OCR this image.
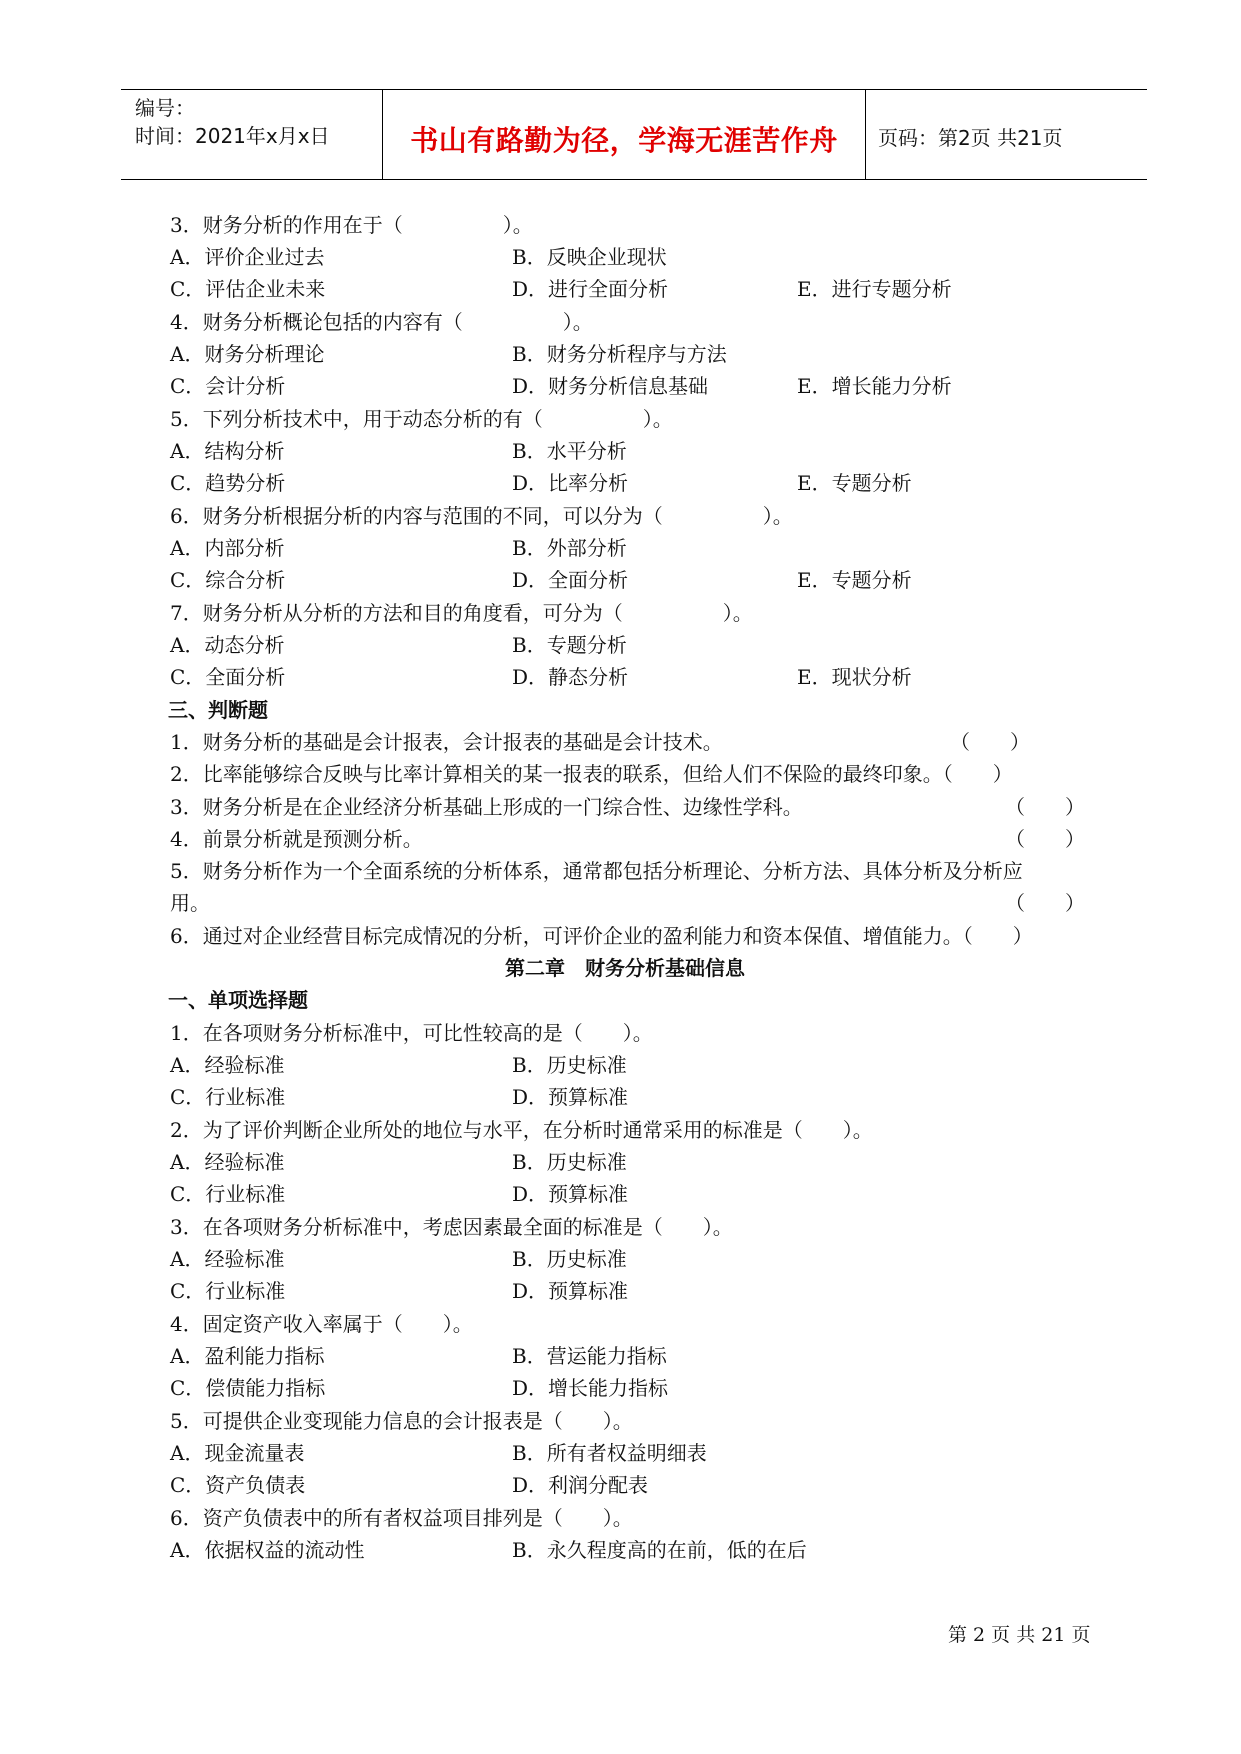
编号：
时间：2021年x月x日	书山有路勤为径，学海无涯苦作舟	页码：第2页 共21页
3．财务分析的作用在于（　　　　　）。
A．评价企业过去	B．反映企业现状
C．评估企业未来	D．进行全面分析	E．进行专题分析
4．财务分析概论包括的内容有（　　　　　）。
A．财务分析理论	B．财务分析程序与方法
C．会计分析	D．财务分析信息基础	E．增长能力分析
5．下列分析技术中，用于动态分析的有（　　　　　）。
A．结构分析	B．水平分析
C．趋势分析	D．比率分析	E．专题分析
6．财务分析根据分析的内容与范围的不同，可以分为（　　　　　）。
A．内部分析	B．外部分析
C．综合分析	D．全面分析	E．专题分析
7．财务分析从分析的方法和目的角度看，可分为（　　　　　）。
A．动态分析	B．专题分析
C．全面分析	D．静态分析	E．现状分析
三、判断题
1．财务分析的基础是会计报表，会计报表的基础是会计技术。	（　　）
2．比率能够综合反映与比率计算相关的某一报表的联系，但给人们不保险的最终印象。（　　）
3．财务分析是在企业经济分析基础上形成的一门综合性、边缘性学科。	（　　）
4．前景分析就是预测分析。	（　　）
5．财务分析作为一个全面系统的分析体系，通常都包括分析理论、分析方法、具体分析及分析应
用。	（　　）
6．通过对企业经营目标完成情况的分析，可评价企业的盈利能力和资本保值、增值能力。（　　）
第二章　财务分析基础信息
一、单项选择题
1．在各项财务分析标准中，可比性较高的是（　　）。
A．经验标准	B．历史标准
C．行业标准	D．预算标准
2．为了评价判断企业所处的地位与水平，在分析时通常采用的标准是（　　）。
A．经验标准	B．历史标准
C．行业标准	D．预算标准
3．在各项财务分析标准中，考虑因素最全面的标准是（　　）。
A．经验标准	B．历史标准
C．行业标准	D．预算标准
4．固定资产收入率属于（　　）。
A．盈利能力指标	B．营运能力指标
C．偿债能力指标	D．增长能力指标
5．可提供企业变现能力信息的会计报表是（　　）。
A．现金流量表	B．所有者权益明细表
C．资产负债表	D．利润分配表
6．资产负债表中的所有者权益项目排列是（　　）。
A．依据权益的流动性	B．永久程度高的在前，低的在后
第 2 页 共 21 页
